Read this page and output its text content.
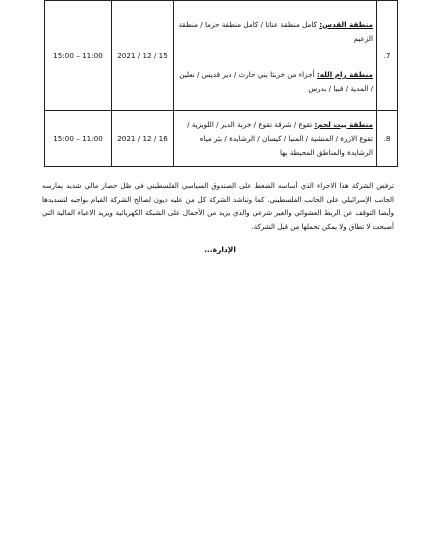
7.	منطقة القدس: كامل منطقة عناتا / كامل منطقة حزما / منطقة الزعيم
منطقة رام الله: أجزاء من خربثا بني حارث / دير قديس / نعلين / المدية / قبيا / بدرس	2021 / 12 / 15	15:00 – 11:00
8.	منطقة بيت لحم: تقوع / شرقة تقوع / خربة الدير / اللويزية / تقوع الازرة / المنشية / المنيا / كيسان / الرشايدة / بئر مياه الرشايدة والمناطق المحيطة بها	2021 / 12 / 16	15:00 – 11:00
ترفض الشركة هذا الاجراء الذي أساسه الضغط على الصندوق السياسي الفلسطيني في ظل حصار مالي شديد يمارسه الجانب الإسرائيلي على الجانب الفلسطيني. كما وتناشد الشركة كل من عليه ديون لصالح الشركة القيام بواجبه لتسديدها وأيضا التوقف عن الربط العشوائي والغير شرعي والذي يزيد من الأحمال على الشبكة الكهربائية ويزيد الاعباء المالية التي أصبحت لا تطاق ولا يمكن تحملها من قبل الشركة.
الإدارة...
